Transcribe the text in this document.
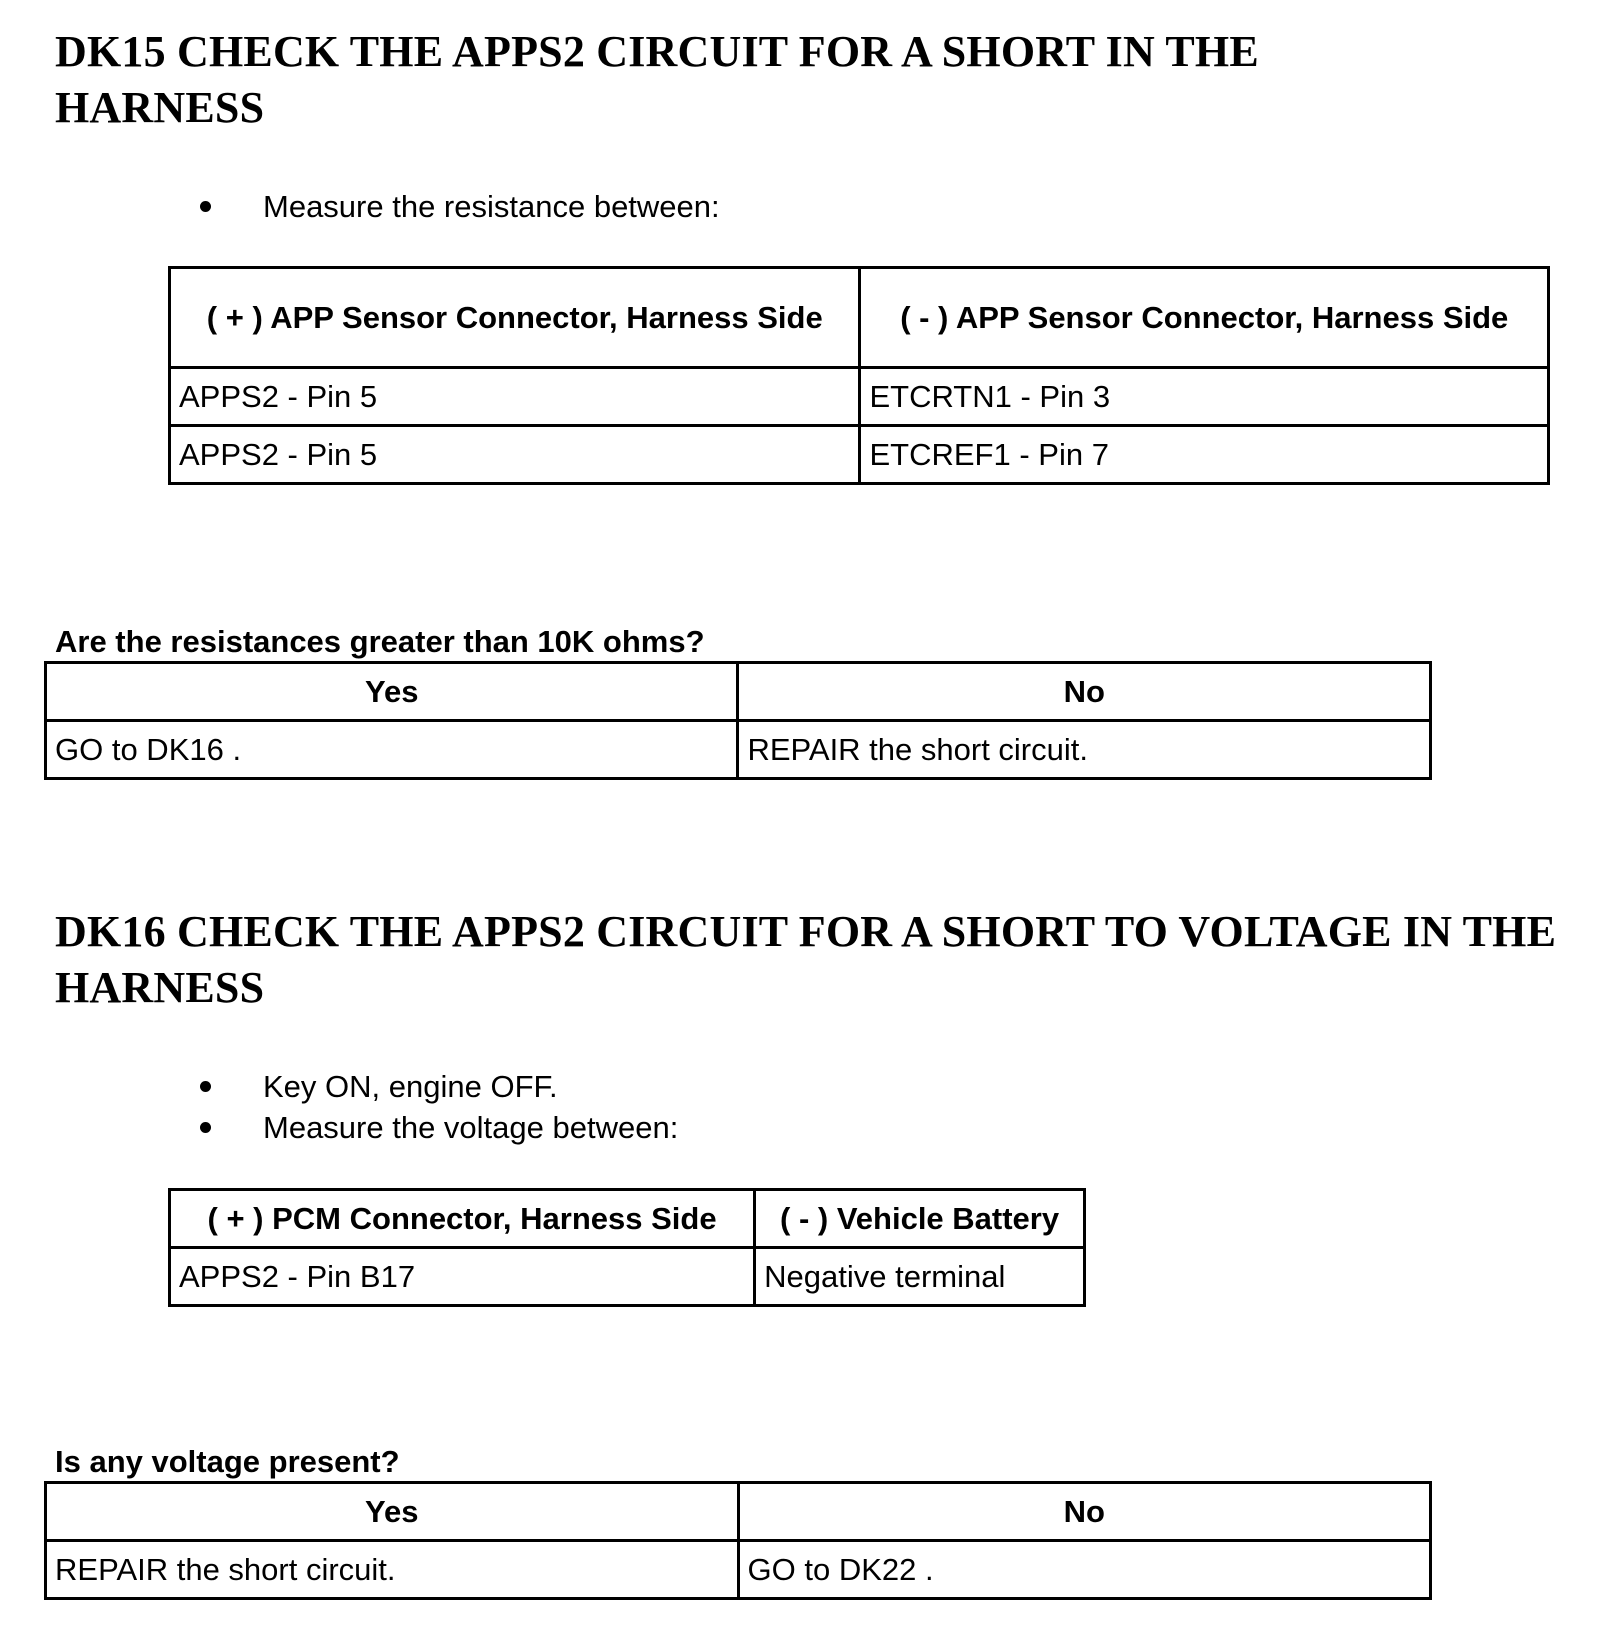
DK15 CHECK THE APPS2 CIRCUIT FOR A SHORT IN THE HARNESS
Measure the resistance between:
( + ) APP Sensor Connector, Harness Side	( - ) APP Sensor Connector, Harness Side
APPS2 - Pin 5	ETCRTN1 - Pin 3
APPS2 - Pin 5	ETCREF1 - Pin 7

Are the resistances greater than 10K ohms?

Yes	No
GO to DK16 .	REPAIR the short circuit.
DK16 CHECK THE APPS2 CIRCUIT FOR A SHORT TO VOLTAGE IN THE HARNESS
Key ON, engine OFF.
Measure the voltage between:
( + ) PCM Connector, Harness Side	( - ) Vehicle Battery
APPS2 - Pin B17	Negative terminal

Is any voltage present?

Yes	No
REPAIR the short circuit.	GO to DK22 .
